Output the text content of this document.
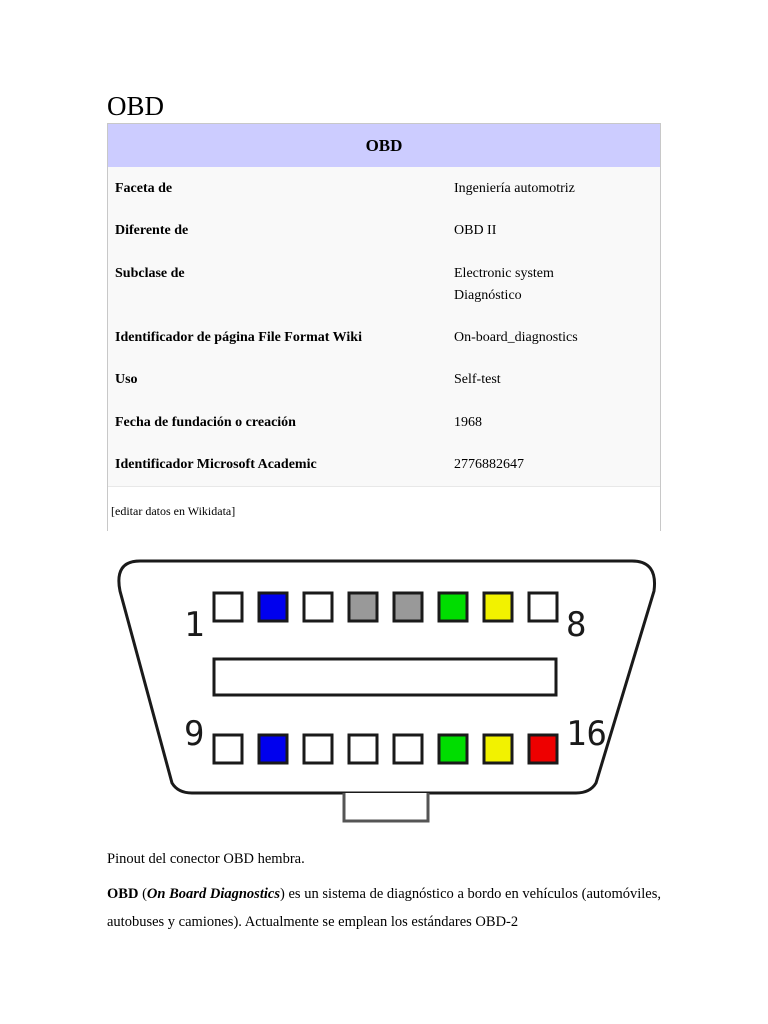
OBD
OBD
Faceta de	Ingeniería automotriz
Diferente de	OBD II
Subclase de	Electronic system
Diagnóstico
Identificador de página File Format Wiki	On-board_diagnostics
Uso	Self-test
Fecha de fundación o creación	1968
Identificador Microsoft Academic	2776882647
[editar datos en Wikidata]
1	8
9	16

Pinout del conector OBD hembra.

OBD (On Board Diagnostics) es un sistema de diagnóstico a bordo en vehículos (automóviles, autobuses y camiones). Actualmente se emplean los estándares OBD-2
